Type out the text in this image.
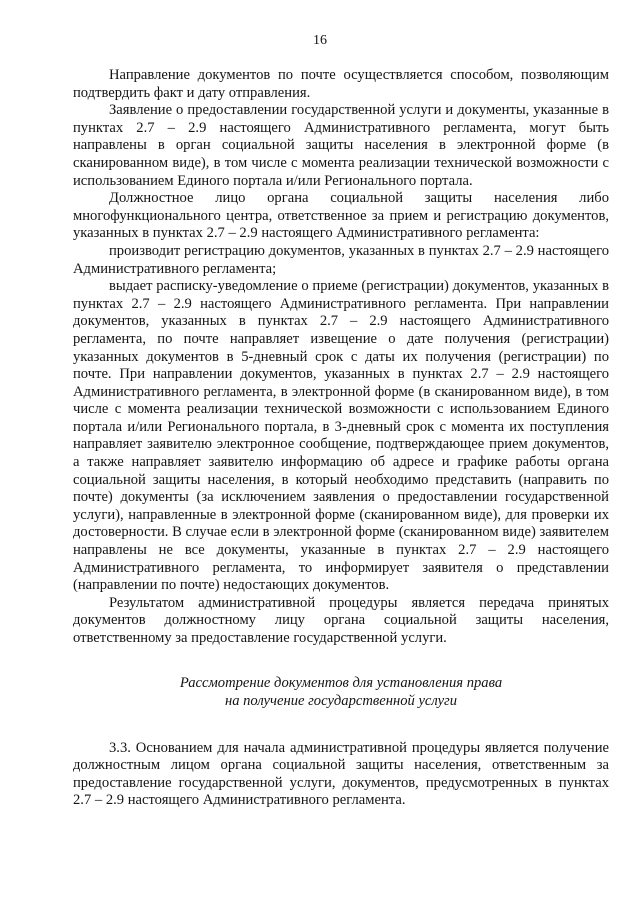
16

Направление документов по почте осуществляется способом, позволяющим подтвердить факт и дату отправления.

Заявление о предоставлении государственной услуги и документы, указанные в пунктах 2.7 – 2.9 настоящего Административного регламента, могут быть направлены в орган социальной защиты населения в электронной форме (в сканированном виде), в том числе с момента реализации технической возможности с использованием Единого портала и/или Регионального портала.

Должностное лицо органа социальной защиты населения либо многофункционального центра, ответственное за прием и регистрацию документов, указанных в пунктах 2.7 – 2.9 настоящего Административного регламента:

производит регистрацию документов, указанных в пунктах 2.7 – 2.9 настоящего Административного регламента;

выдает расписку-уведомление о приеме (регистрации) документов, указанных в пунктах 2.7 – 2.9 настоящего Административного регламента. При направлении документов, указанных в пунктах 2.7 – 2.9 настоящего Административного регламента, по почте направляет извещение о дате получения (регистрации) указанных документов в 5-дневный срок с даты их получения (регистрации) по почте. При направлении документов, указанных в пунктах 2.7 – 2.9 настоящего Административного регламента, в электронной форме (в сканированном виде), в том числе с момента реализации технической возможности с использованием Единого портала и/или Регионального портала, в 3-дневный срок с момента их поступления направляет заявителю электронное сообщение, подтверждающее прием документов, а также направляет заявителю информацию об адресе и графике работы органа социальной защиты населения, в который необходимо представить (направить по почте) документы (за исключением заявления о предоставлении государственной услуги), направленные в электронной форме (сканированном виде), для проверки их достоверности. В случае если в электронной форме (сканированном виде) заявителем направлены не все документы, указанные в пунктах 2.7 – 2.9 настоящего Административного регламента, то информирует заявителя о представлении (направлении по почте) недостающих документов.

Результатом административной процедуры является передача принятых документов должностному лицу органа социальной защиты населения, ответственному за предоставление государственной услуги.

Рассмотрение документов для установления права
на получение государственной услуги

3.3. Основанием для начала административной процедуры является получение должностным лицом органа социальной защиты населения, ответственным за предоставление государственной услуги, документов, предусмотренных в пунктах 2.7 – 2.9 настоящего Административного регламента.
